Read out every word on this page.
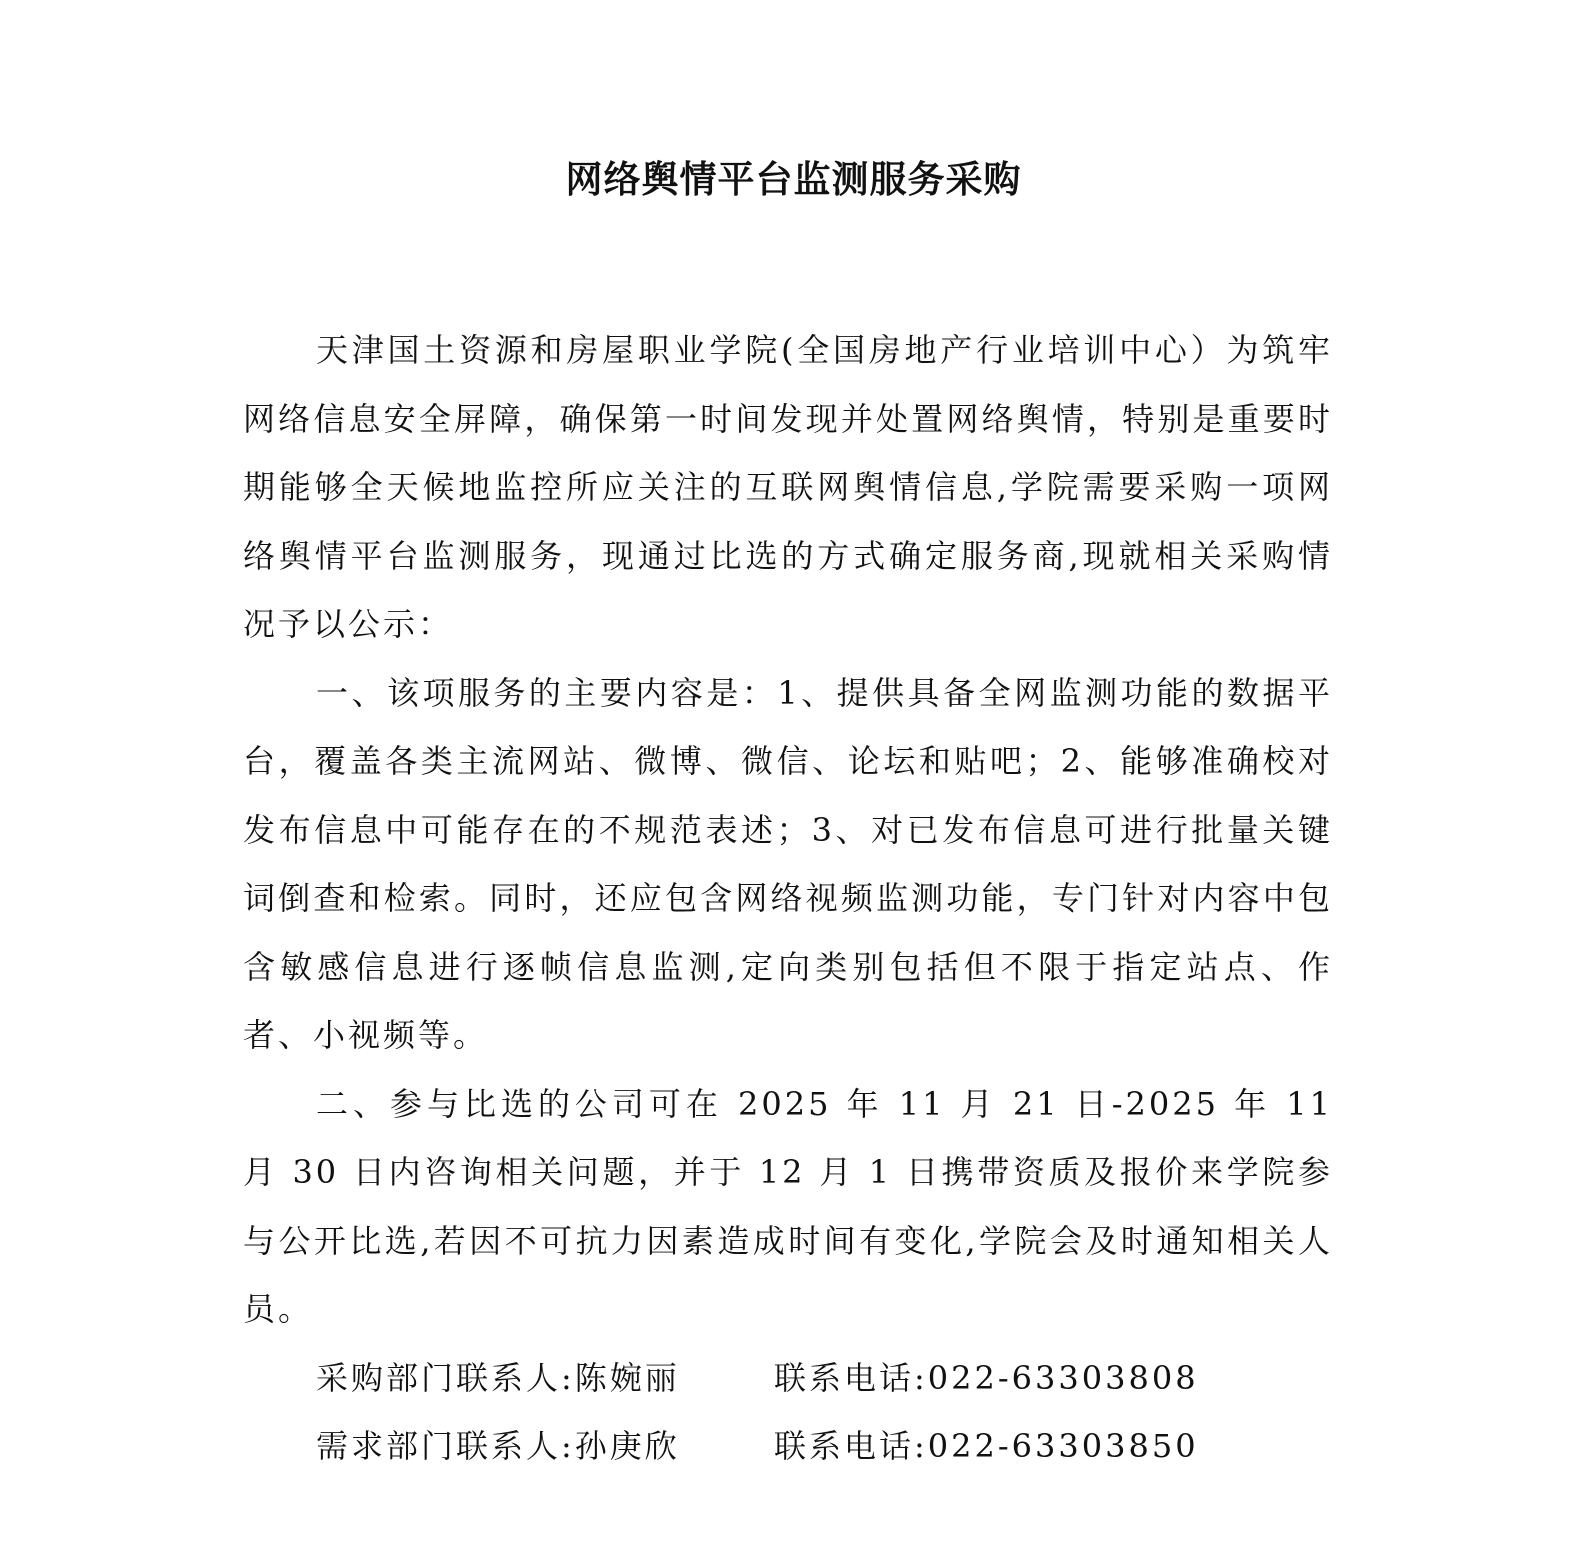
网络舆情平台监测服务采购

天津国土资源和房屋职业学院(全国房地产行业培训中心）为筑牢网络信息安全屏障，确保第一时间发现并处置网络舆情，特别是重要时期能够全天候地监控所应关注的互联网舆情信息,学院需要采购一项网络舆情平台监测服务，现通过比选的方式确定服务商,现就相关采购情况予以公示：

一、该项服务的主要内容是：1、提供具备全网监测功能的数据平台，覆盖各类主流网站、微博、微信、论坛和贴吧；2、能够准确校对发布信息中可能存在的不规范表述；3、对已发布信息可进行批量关键词倒查和检索。同时，还应包含网络视频监测功能，专门针对内容中包含敏感信息进行逐帧信息监测,定向类别包括但不限于指定站点、作者、小视频等。

二、参与比选的公司可在 2025 年 11 月 21 日-2025 年 11 月 30 日内咨询相关问题，并于 12 月 1 日携带资质及报价来学院参与公开比选,若因不可抗力因素造成时间有变化,学院会及时通知相关人员。

采购部门联系人:陈婉丽	联系电话:022-63303808

需求部门联系人:孙庚欣	联系电话:022-63303850
